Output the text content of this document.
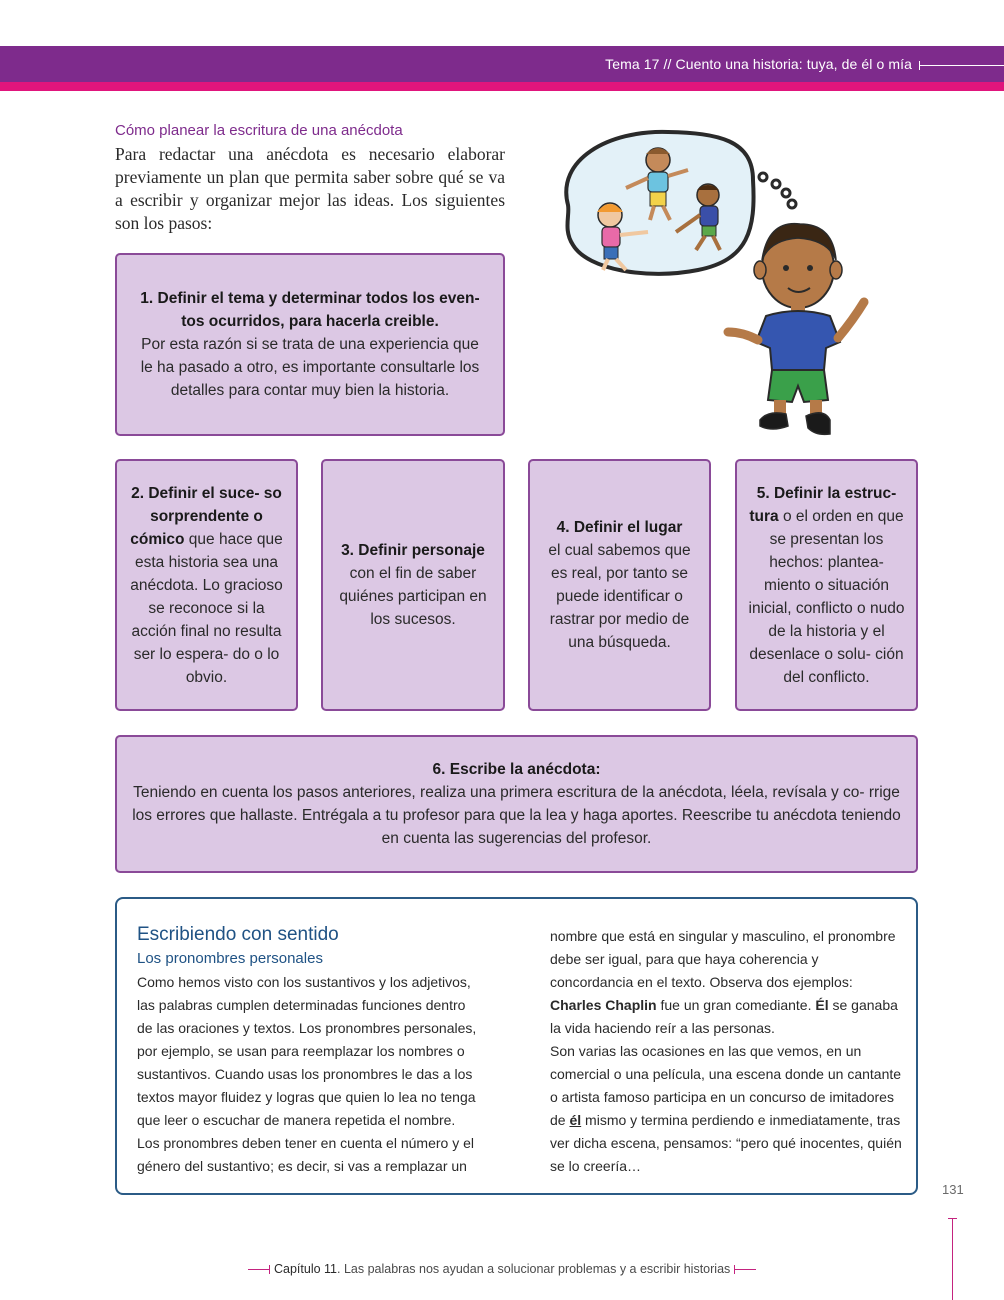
Tema 17 // Cuento una historia: tuya, de él o mía
Cómo planear la escritura de una anécdota
Para redactar una anécdota es necesario elaborar previamente un plan que permita saber sobre qué se va a escribir y organizar mejor las ideas. Los siguientes son los pasos:
1. Definir el tema y determinar todos los even-
tos ocurridos, para hacerla creible.
Por esta razón si se trata de una experiencia que le ha pasado a otro, es importante consultarle los detalles para contar muy bien la historia.
2. Definir el suce- so sorprendente o cómico que hace que esta historia sea una anécdota. Lo gracioso se reconoce si la acción final no resulta ser lo espera- do o lo obvio.
3. Definir personaje
con el fin de saber quiénes participan en los sucesos.
4. Definir el lugar
el cual sabemos que es real, por tanto se puede identificar o rastrar por medio de una búsqueda.
5. Definir la estruc- tura o el orden en que se presentan los hechos: plantea- miento o situación inicial, conflicto o nudo de la historia y el desenlace o solu- ción del conflicto.
6. Escribe la anécdota:
Teniendo en cuenta los pasos anteriores, realiza una primera escritura de la anécdota, léela, revísala y co- rrige los errores que hallaste. Entrégala a tu profesor para que la lea y haga aportes. Reescribe tu anécdota teniendo en cuenta las sugerencias del profesor.
Escribiendo con sentido
Los pronombres personales

Como hemos visto con los sustantivos y los adjetivos, las palabras cumplen determinadas funciones dentro de las oraciones y textos. Los pronombres personales, por ejemplo, se usan para reemplazar los nombres o sustantivos. Cuando usas los pronombres le das a los textos mayor fluidez y logras que quien lo lea no tenga que leer o escuchar de manera repetida el nombre. Los pronombres deben tener en cuenta el número y el género del sustantivo; es decir, si vas a remplazar un

nombre que está en singular y masculino, el pronombre debe ser igual, para que haya coherencia y concordancia en el texto. Observa dos ejemplos:

Charles Chaplin fue un gran comediante. Él se ganaba la vida haciendo reír a las personas.

Son varias las ocasiones en las que vemos, en un comercial o una película, una escena donde un cantante o artista famoso participa en un concurso de imitadores de él mismo y termina perdiendo e inmediatamente, tras ver dicha escena, pensamos: “pero qué inocentes, quién se lo creería…

131
Capítulo 11. Las palabras nos ayudan a solucionar problemas y a escribir historias
